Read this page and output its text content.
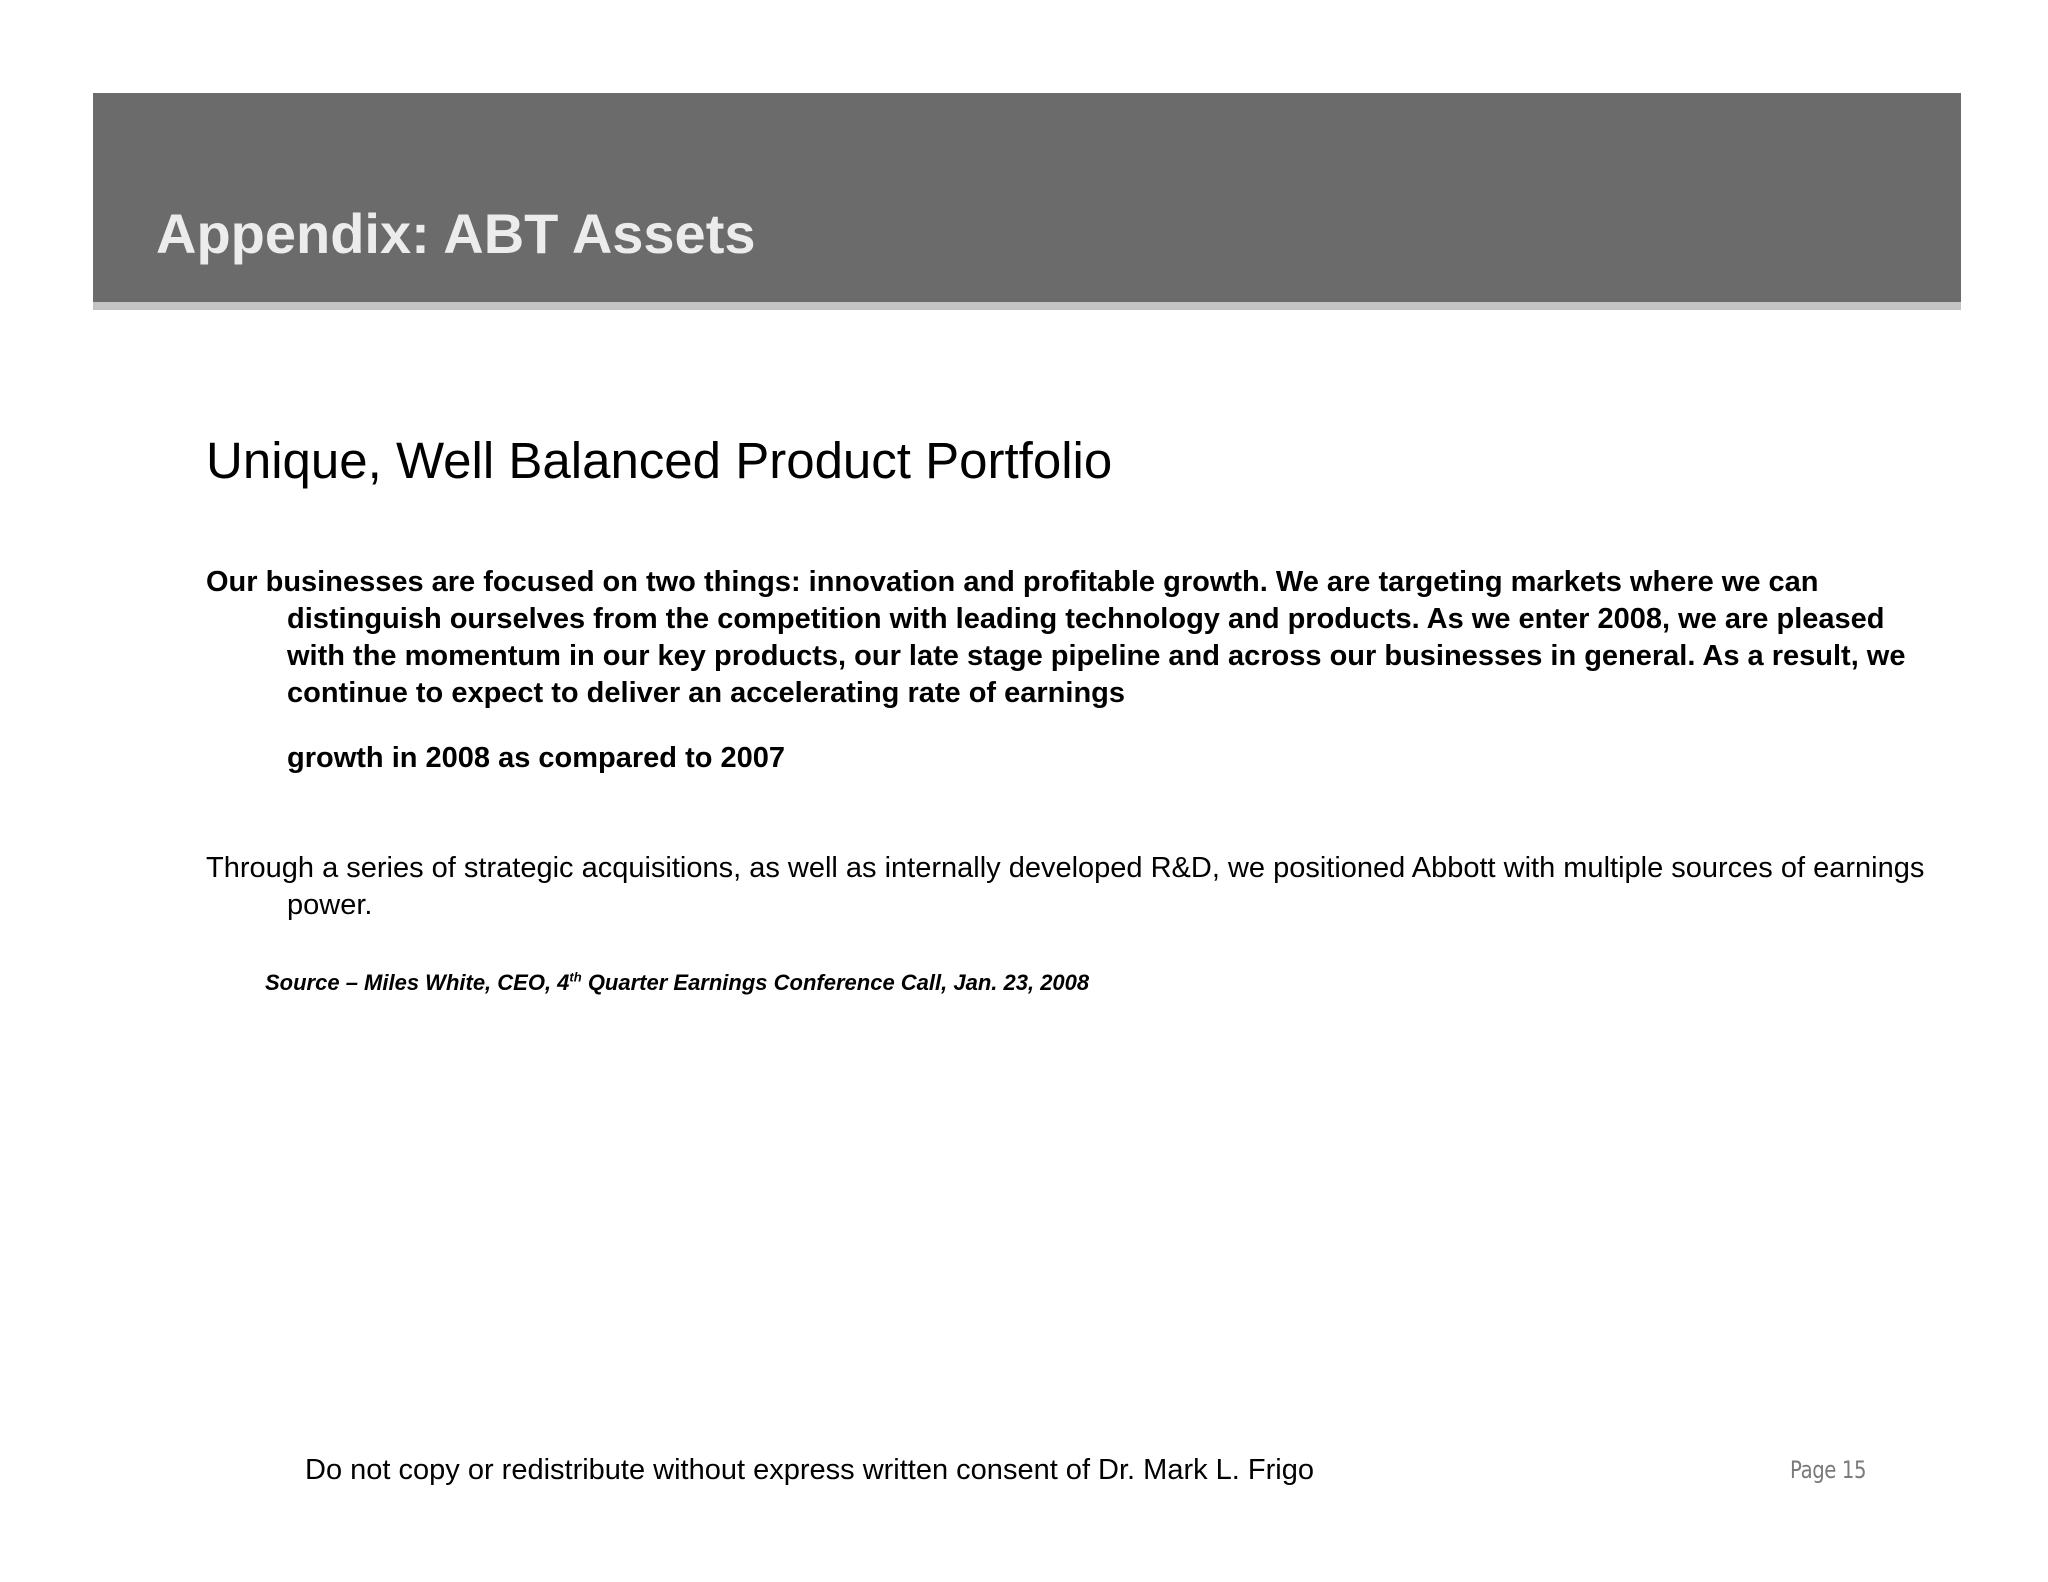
Appendix: ABT Assets
Unique, Well Balanced Product Portfolio

Our businesses are focused on two things: innovation and profitable growth. We are targeting markets where we can distinguish ourselves from the competition with leading technology and products. As we enter 2008, we are pleased with the momentum in our key products, our late stage pipeline and across our businesses in general. As a result, we continue to expect to deliver an accelerating rate of earnings

growth in 2008 as compared to 2007

Through a series of strategic acquisitions, as well as internally developed R&D, we positioned Abbott with multiple sources of earnings power.

Source – Miles White, CEO, 4th Quarter Earnings Conference Call, Jan. 23, 2008
Do not copy or redistribute without express written consent of Dr. Mark L. Frigo	Page 15
